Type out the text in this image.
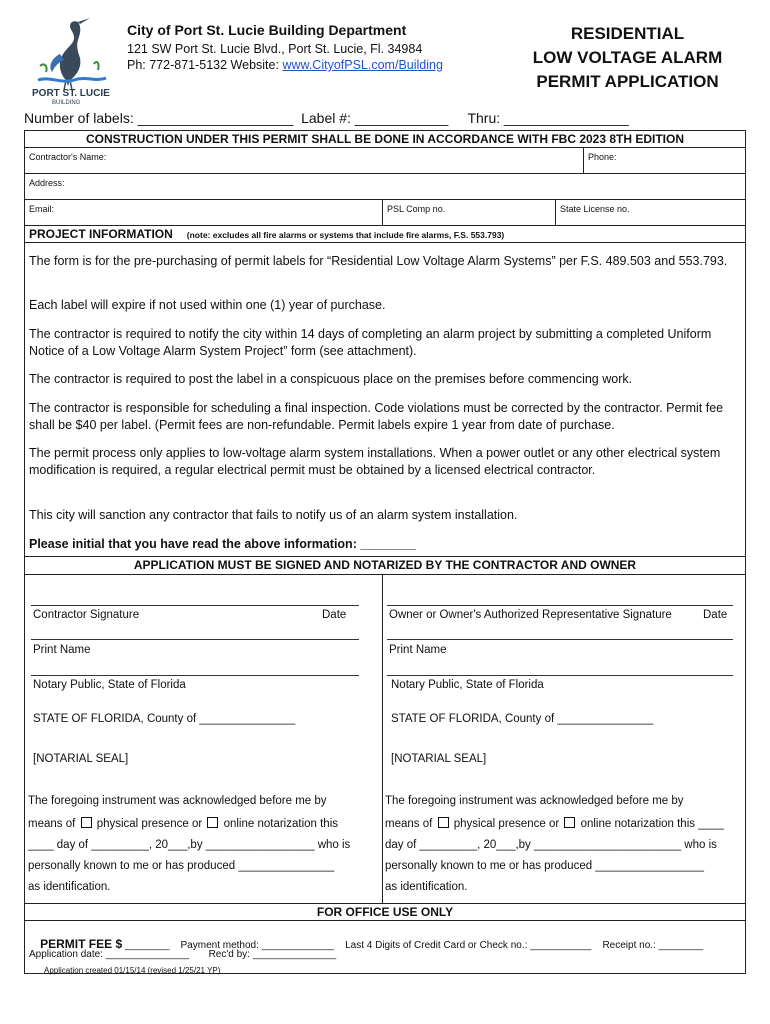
PORT ST. LUCIE
BUILDING
City of Port St. Lucie Building Department
121 SW Port St. Lucie Blvd., Port St. Lucie, Fl. 34984
Ph: 772-871-5132 Website: www.CityofPSL.com/Building
RESIDENTIAL
LOW VOLTAGE ALARM
PERMIT APPLICATION
Number of labels: ____________________  Label #: ____________     Thru: ________________
CONSTRUCTION UNDER THIS PERMIT SHALL BE DONE IN ACCORDANCE WITH FBC 2023 8TH EDITION
Contractor's Name:	Phone:
Address:
Email:	PSL Comp no.	State License no.
PROJECT INFORMATION (note: excludes all fire alarms or systems that include fire alarms, F.S. 553.793)
The form is for the pre-purchasing of permit labels for “Residential Low Voltage Alarm Systems” per F.S. 489.503 and 553.793.
Each label will expire if not used within one (1) year of purchase.
The contractor is required to notify the city within 14 days of completing an alarm project by submitting a completed Uniform Notice of a Low Voltage Alarm System Project” form (see attachment).
The contractor is required to post the label in a conspicuous place on the premises before commencing work.
The contractor is responsible for scheduling a final inspection. Code violations must be corrected by the contractor. Permit fee shall be $40 per label. (Permit fees are non-refundable. Permit labels expire 1 year from date of purchase.
The permit process only applies to low-voltage alarm system installations. When a power outlet or any other electrical system modification is required, a regular electrical permit must be obtained by a licensed electrical contractor.
This city will sanction any contractor that fails to notify us of an alarm system installation.
Please initial that you have read the above information: ________
APPLICATION MUST BE SIGNED AND NOTARIZED BY THE CONTRACTOR AND OWNER
Contractor Signature	Date
Print Name
Notary Public, State of Florida
STATE OF FLORIDA, County of _______________
[NOTARIAL SEAL]
The foregoing instrument was acknowledged before me by
means of  physical presence or  online notarization this
____ day of _________, 20___,by _________________ who is
personally known to me or has produced _______________
as identification.
Owner or Owner's Authorized Representative Signature	Date
Print Name
Notary Public, State of Florida
STATE OF FLORIDA, County of _______________
[NOTARIAL SEAL]
The foregoing instrument was acknowledged before me by
means of  physical presence or  online notarization this ____
day of _________, 20___,by _______________________ who is
personally known to me or has produced _________________
as identification.
FOR OFFICE USE ONLY

PERMIT FEE $ ________    Payment method: _____________    Last 4 Digits of Credit Card or Check no.: ___________    Receipt no.: ________

Application date: _______________       Rec'd by: _______________
Application created 01/15/14 (revised 1/25/21 YP)
